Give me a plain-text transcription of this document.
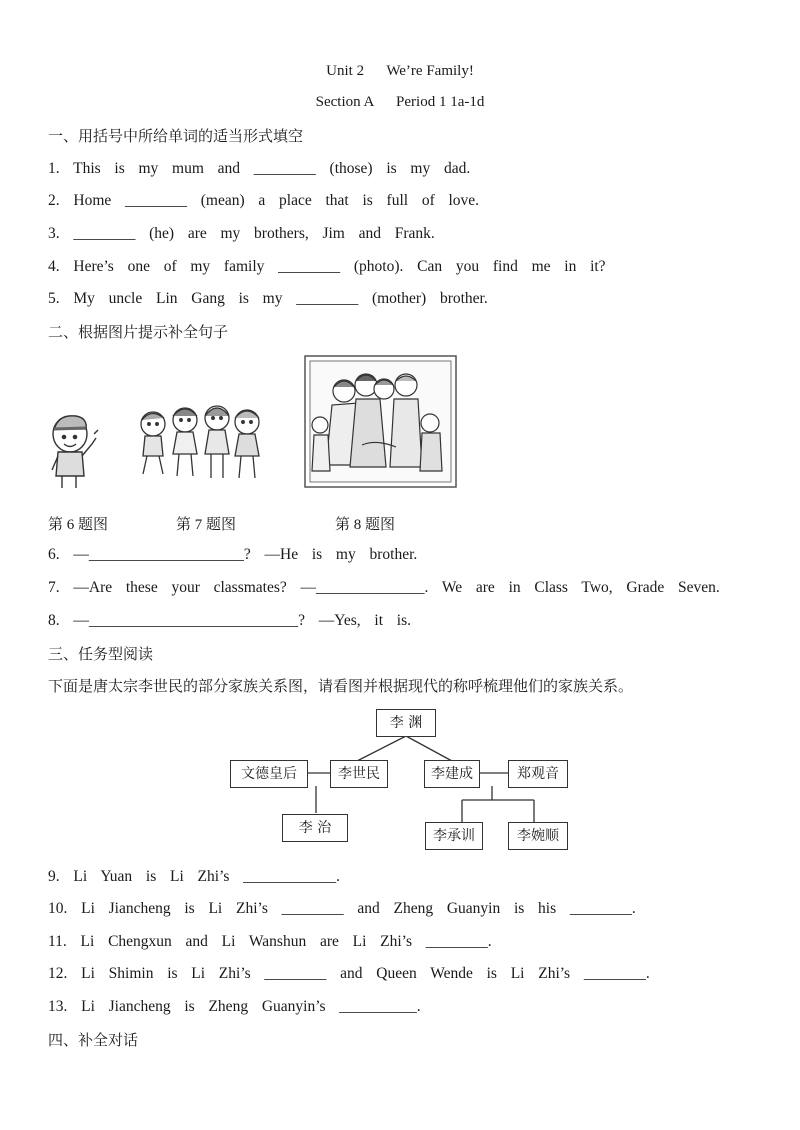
Unit 2      We’re Family!
Section A      Period 1 1a-1d
一、用括号中所给单词的适当形式填空
1.  This  is  my  mum  and  ________  (those)  is  my  dad.
2.  Home  ________  (mean)  a  place  that  is  full  of  love.
3.  ________  (he)  are  my  brothers,  Jim  and  Frank.
4.  Here’s  one  of  my  family  ________  (photo).  Can  you  find  me  in  it?
5.  My  uncle  Lin  Gang  is  my  ________  (mother)  brother.
二、根据图片提示补全句子
第 6 题图	第 7 题图	第 8 题图
6.  —____________________?  —He  is  my  brother.
7.  —Are  these  your  classmates?  —______________.  We  are  in  Class  Two,  Grade  Seven.
8.  —___________________________?  —Yes,  it  is.
三、任务型阅读
下面是唐太宗李世民的部分家族关系图，请看图并根据现代的称呼梳理他们的家族关系。
李 渊
文德皇后	李世民	李建成	郑观音
李 治	李承训	李婉顺
9.  Li  Yuan  is  Li  Zhi’s  ____________.
10.  Li  Jiancheng  is  Li  Zhi’s  ________  and  Zheng  Guanyin  is  his  ________.
11.  Li  Chengxun  and  Li  Wanshun  are  Li  Zhi’s  ________.
12.  Li  Shimin  is  Li  Zhi’s  ________  and  Queen  Wende  is  Li  Zhi’s  ________.
13.  Li  Jiancheng  is  Zheng  Guanyin’s  __________.
四、补全对话
